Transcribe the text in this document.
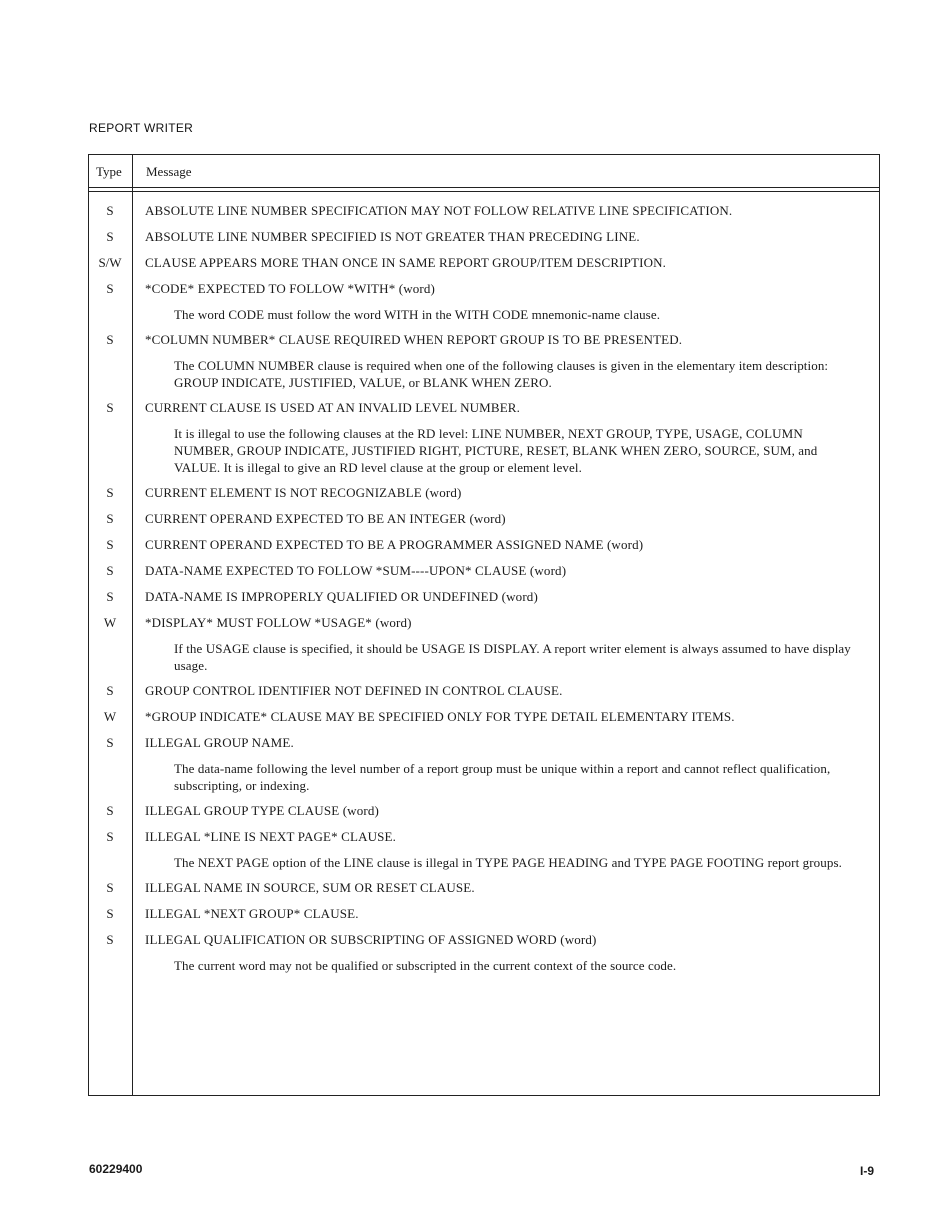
REPORT WRITER
Type Message
S	ABSOLUTE LINE NUMBER SPECIFICATION MAY NOT FOLLOW RELATIVE LINE SPECIFICATION.
S	ABSOLUTE LINE NUMBER SPECIFIED IS NOT GREATER THAN PRECEDING LINE.
S/W	CLAUSE APPEARS MORE THAN ONCE IN SAME REPORT GROUP/ITEM DESCRIPTION.
S	*CODE* EXPECTED TO FOLLOW *WITH* (word)
The word CODE must follow the word WITH in the WITH CODE mnemonic-name clause.
S	*COLUMN NUMBER* CLAUSE REQUIRED WHEN REPORT GROUP IS TO BE PRESENTED.
The COLUMN NUMBER clause is required when one of the following clauses is given in the elementary item description: GROUP INDICATE, JUSTIFIED, VALUE, or BLANK WHEN ZERO.
S	CURRENT CLAUSE IS USED AT AN INVALID LEVEL NUMBER.
It is illegal to use the following clauses at the RD level: LINE NUMBER, NEXT GROUP, TYPE, USAGE, COLUMN NUMBER, GROUP INDICATE, JUSTIFIED RIGHT, PICTURE, RESET, BLANK WHEN ZERO, SOURCE, SUM, and VALUE. It is illegal to give an RD level clause at the group or element level.
S	CURRENT ELEMENT IS NOT RECOGNIZABLE (word)
S	CURRENT OPERAND EXPECTED TO BE AN INTEGER (word)
S	CURRENT OPERAND EXPECTED TO BE A PROGRAMMER ASSIGNED NAME (word)
S	DATA-NAME EXPECTED TO FOLLOW *SUM----UPON* CLAUSE (word)
S	DATA-NAME IS IMPROPERLY QUALIFIED OR UNDEFINED (word)
W	*DISPLAY* MUST FOLLOW *USAGE* (word)
If the USAGE clause is specified, it should be USAGE IS DISPLAY. A report writer element is always assumed to have display usage.
S	GROUP CONTROL IDENTIFIER NOT DEFINED IN CONTROL CLAUSE.
W	*GROUP INDICATE* CLAUSE MAY BE SPECIFIED ONLY FOR TYPE DETAIL ELEMENTARY ITEMS.
S	ILLEGAL GROUP NAME.
The data-name following the level number of a report group must be unique within a report and cannot reflect qualification, subscripting, or indexing.
S	ILLEGAL GROUP TYPE CLAUSE (word)
S	ILLEGAL *LINE IS NEXT PAGE* CLAUSE.
The NEXT PAGE option of the LINE clause is illegal in TYPE PAGE HEADING and TYPE PAGE FOOTING report groups.
S	ILLEGAL NAME IN SOURCE, SUM OR RESET CLAUSE.
S	ILLEGAL *NEXT GROUP* CLAUSE.
S	ILLEGAL QUALIFICATION OR SUBSCRIPTING OF ASSIGNED WORD (word)
The current word may not be qualified or subscripted in the current context of the source code.
60229400	I-9
